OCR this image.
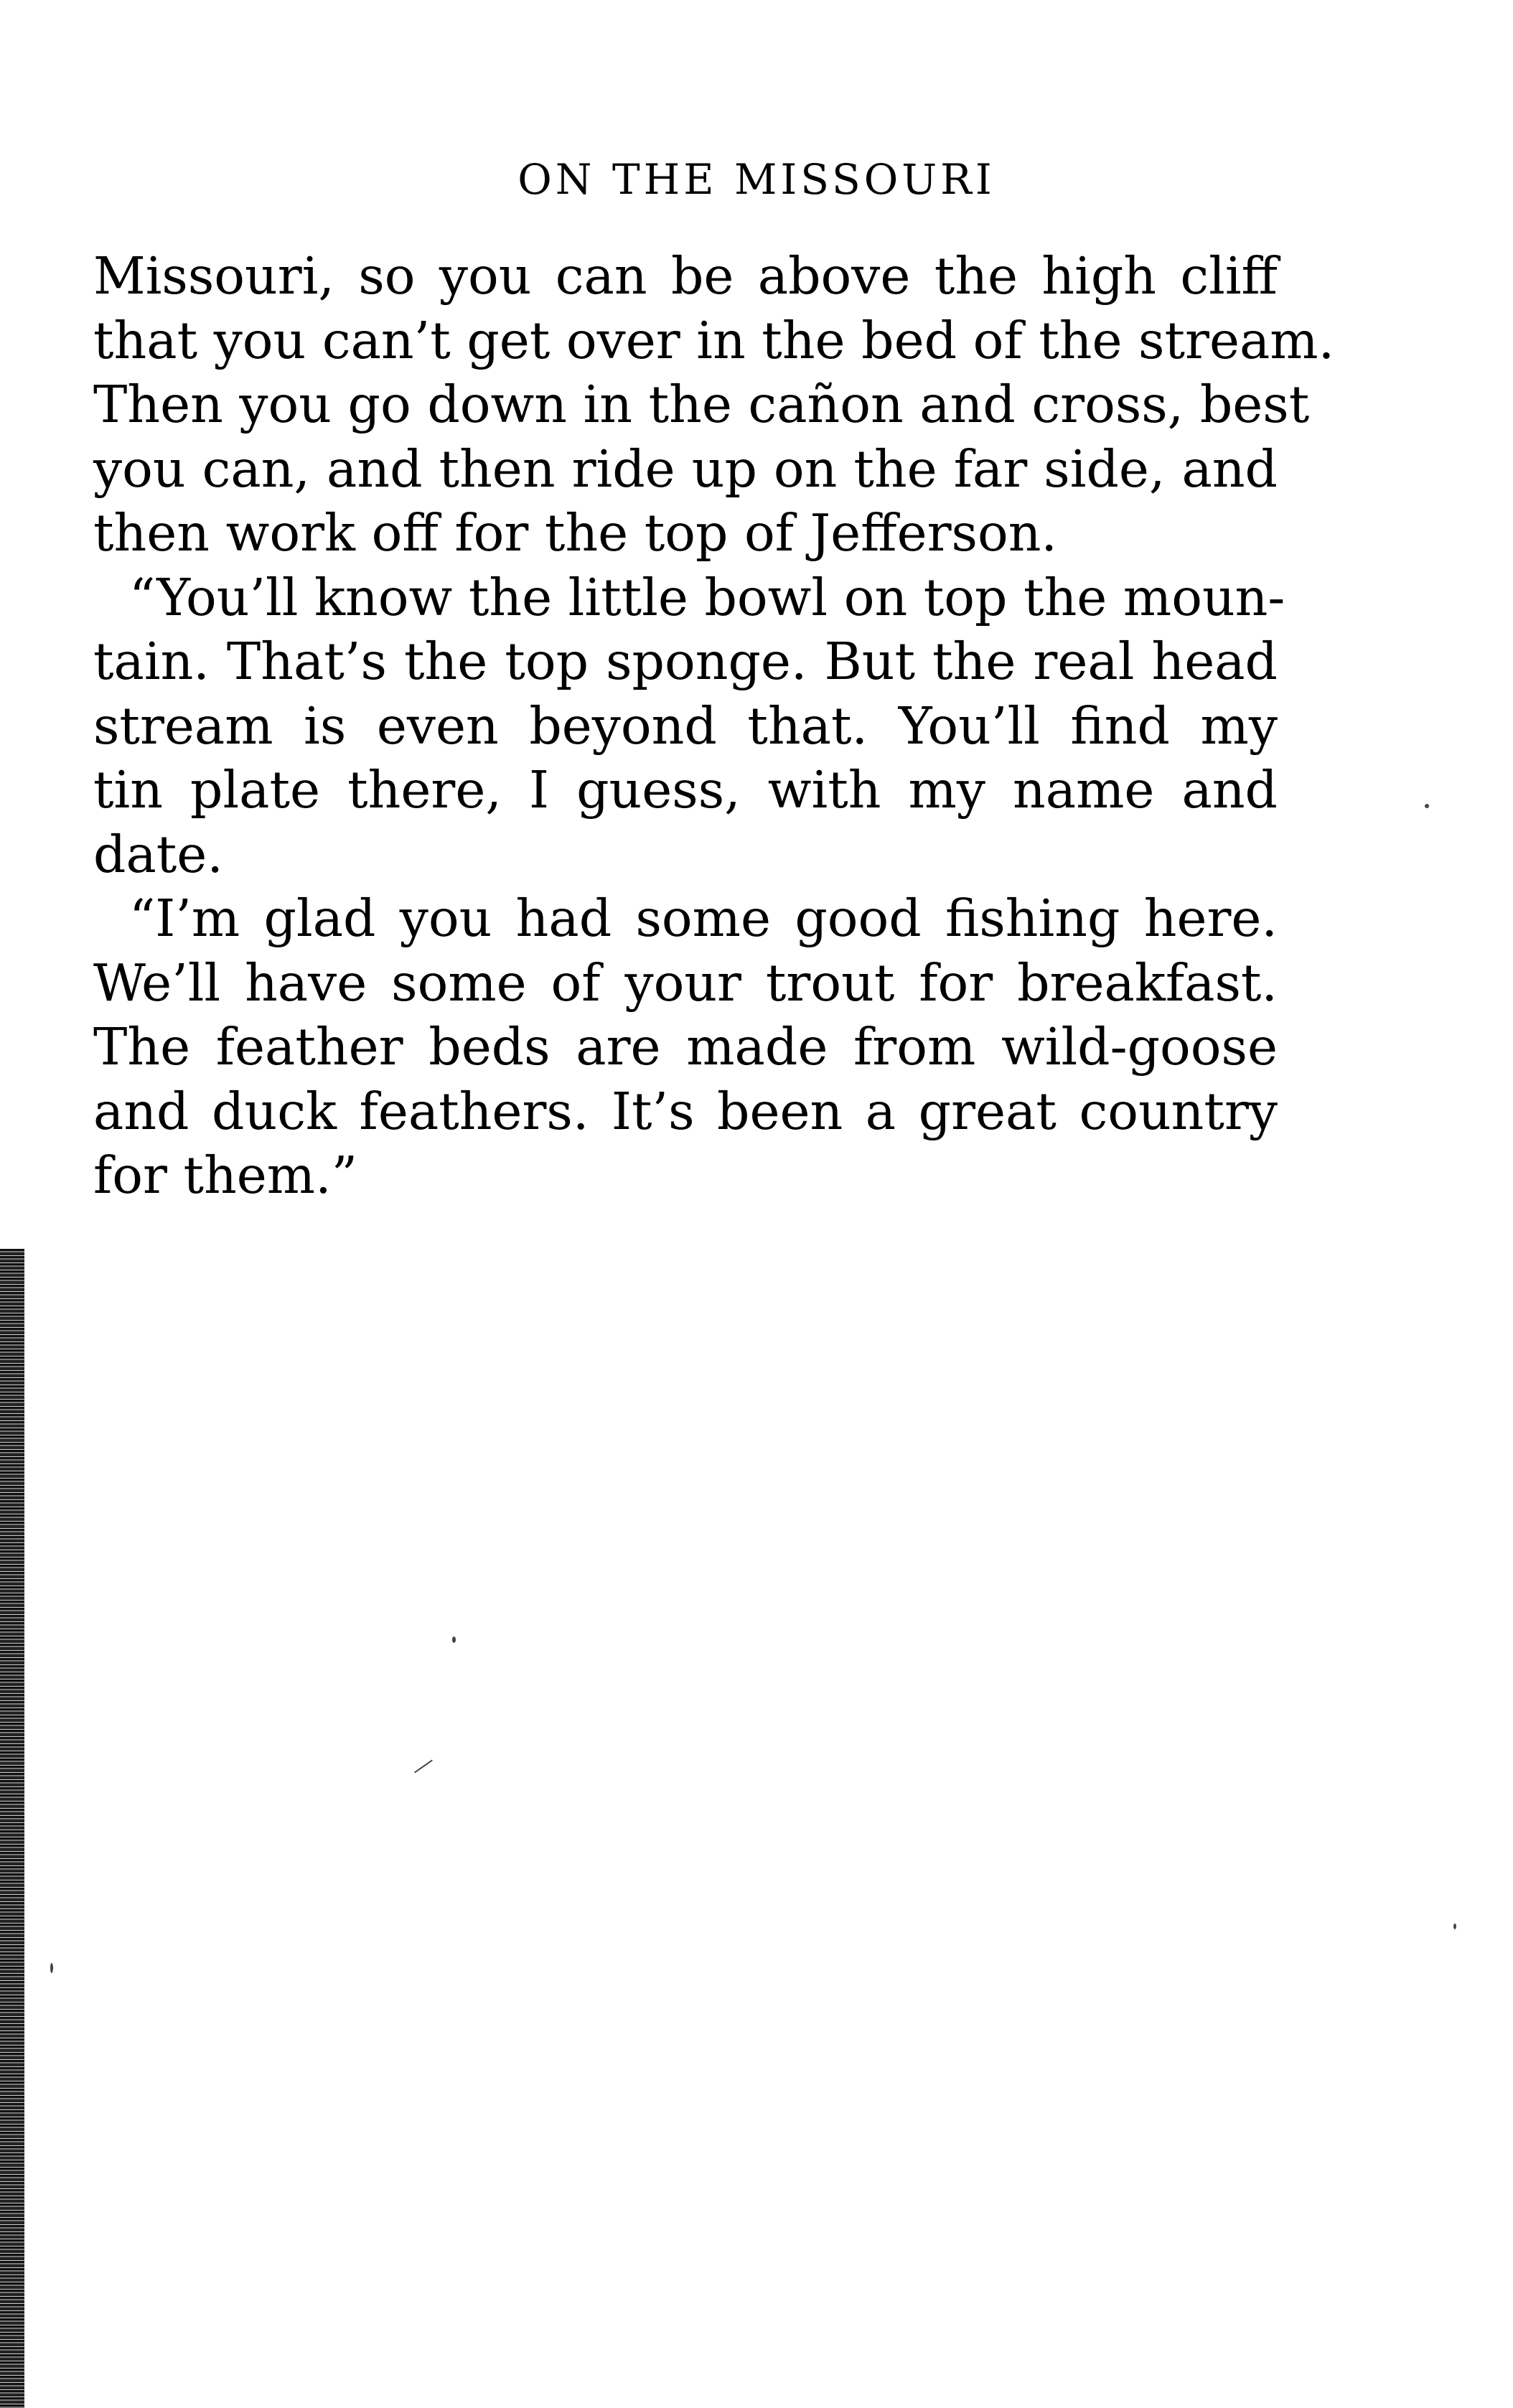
ON THE MISSOURI
Missouri, so you can be above the high cliff
that you can’t get over in the bed of the stream.
Then you go down in the cañon and cross, best
you can, and then ride up on the far side, and
then work off for the top of Jefferson.
“You’ll know the little bowl on top the moun-
tain. That’s the top sponge. But the real head
stream is even beyond that. You’ll find my
tin plate there, I guess, with my name and
date.
“I’m glad you had some good fishing here.
We’ll have some of your trout for breakfast.
The feather beds are made from wild-goose
and duck feathers. It’s been a great country
for them.”
